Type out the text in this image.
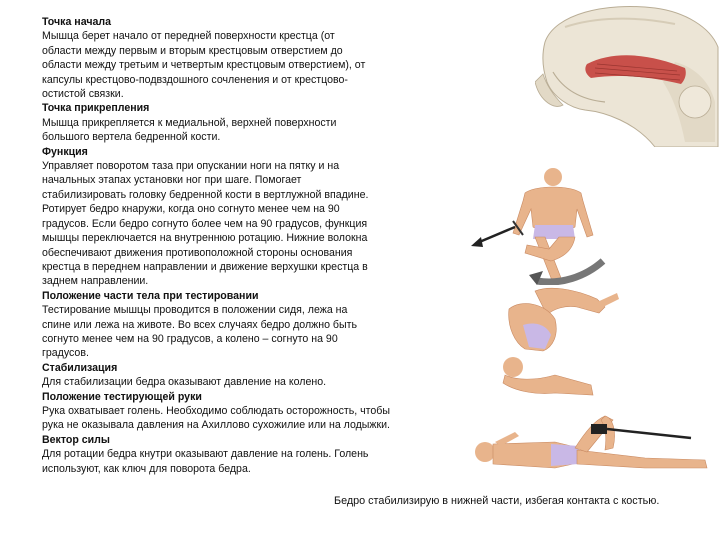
Точка начала
Мышца берет начало от передней поверхности крестца (от
области между первым и вторым крестцовым отверстием до
области между третьим и четвертым крестцовым отверстием), от
капсулы крестцово-подвздошного сочленения и от крестцово-
остистой связки.
Точка прикрепления
Мышца прикрепляется к медиальной, верхней поверхности
большого вертела бедренной кости.
Функция
Управляет поворотом таза при опускании ноги на пятку и на
начальных этапах установки ног при шаге. Помогает
стабилизировать головку бедренной кости в вертлужной впадине.
Ротирует бедро кнаружи, когда оно согнуто менее чем на 90
градусов. Если бедро согнуто более чем на 90 градусов, функция
мышцы переключается на внутреннюю ротацию. Нижние волокна
обеспечивают движения противоположной стороны основания
крестца в переднем направлении и движение верхушки крестца в
заднем направлении.
Положение части тела при тестировании
Тестирование мышцы проводится в положении сидя, лежа на
спине или лежа на животе. Во всех случаях бедро должно быть
согнуто менее чем на 90 градусов, а колено – согнуто на 90
градусов.
Стабилизация
Для стабилизации бедра оказывают давление на колено.
Положение тестирующей руки
Рука охватывает голень. Необходимо соблюдать осторожность, чтобы
рука не оказывала давления на Ахиллово сухожилие или на лодыжки.
Вектор силы
Для ротации бедра кнутри оказывают давление на голень. Голень
используют, как ключ для поворота бедра.
Бедро стабилизирую в нижней части, избегая контакта с костью.
